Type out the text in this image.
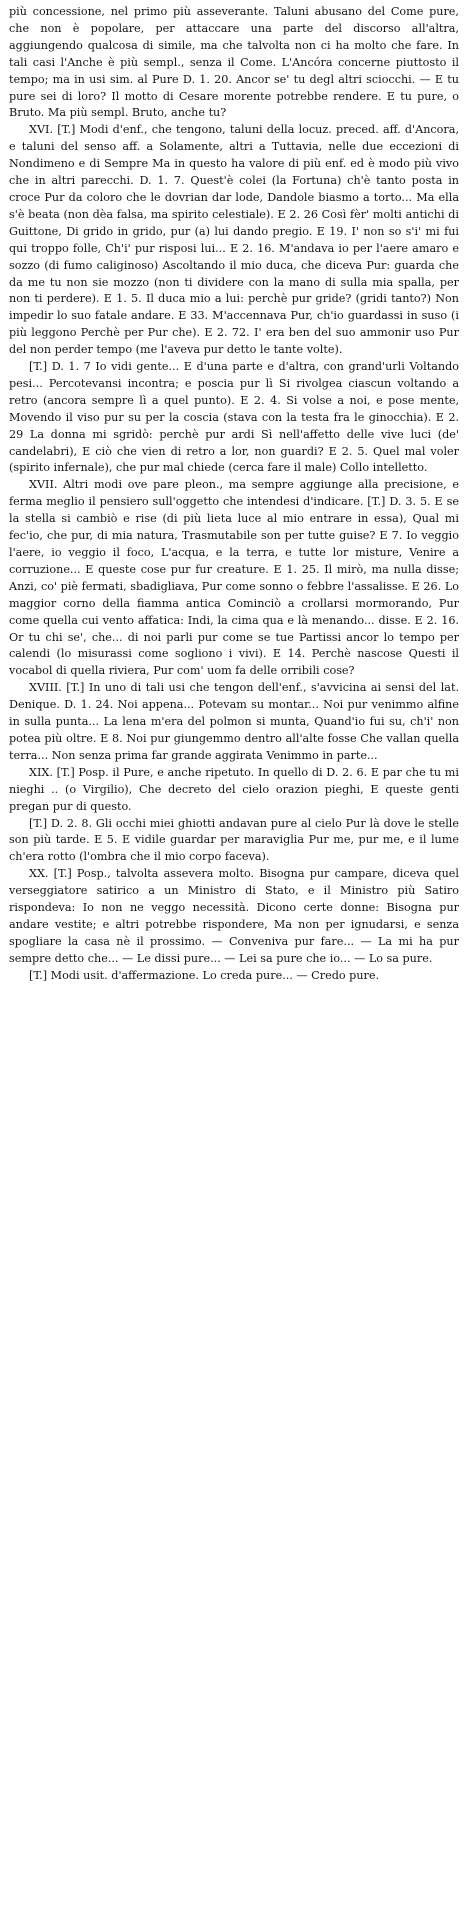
più concessione, nel primo più asseverante. Taluni abusano del Come pure, che non è popolare, per attaccare una parte del discorso all'altra, aggiungendo qualcosa di simile, ma che talvolta non ci ha molto che fare. In tali casi l'Anche è più sempl., senza il Come. L'Ancóra concerne piuttosto il tempo; ma in usi sim. al Pure D. 1. 20. Ancor se' tu degl altri sciocchi. — E tu pure sei di loro? Il motto di Cesare morente potrebbe rendere. E tu pure, o Bruto. Ma più sempl. Bruto, anche tu?

XVI. [T.] Modi d'enf., che tengono, taluni della locuz. preced. aff. d'Ancora, e taluni del senso aff. a Solamente, altri a Tuttavia, nelle due eccezioni di Nondimeno e di Sempre Ma in questo ha valore di più enf. ed è modo più vivo che in altri parecchi. D. 1. 7. Quest'è colei (la Fortuna) ch'è tanto posta in croce Pur da coloro che le dovrian dar lode, Dandole biasmo a torto... Ma ella s'è beata (non dèa falsa, ma spirito celestiale). E 2. 26 Così fèr' molti antichi di Guittone, Di grido in grido, pur (a) lui dando pregio. E 19. I' non so s'i' mi fui qui troppo folle, Ch'i' pur risposi lui... E 2. 16. M'andava io per l'aere amaro e sozzo (di fumo caliginoso) Ascoltando il mio duca, che diceva Pur: guarda che da me tu non sie mozzo (non ti dividere con la mano di sulla mia spalla, per non ti perdere). E 1. 5. Il duca mio a lui: perchè pur gride? (gridi tanto?) Non impedir lo suo fatale andare. E 33. M'accennava Pur, ch'io guardassi in suso (i più leggono Perchè per Pur che). E 2. 72. I' era ben del suo ammonir uso Pur del non perder tempo (me l'aveva pur detto le tante volte).

[T.] D. 1. 7 Io vidi gente... E d'una parte e d'altra, con grand'urli Voltando pesi... Percotevansi incontra; e poscia pur lì Si rivolgea ciascun voltando a retro (ancora sempre lì a quel punto). E 2. 4. Si volse a noi, e pose mente, Movendo il viso pur su per la coscia (stava con la testa fra le ginocchia). E 2. 29 La donna mi sgridò: perchè pur ardi Sì nell'affetto delle vive luci (de' candelabri), E ciò che vien di retro a lor, non guardi? E 2. 5. Quel mal voler (spirito infernale), che pur mal chiede (cerca fare il male) Collo intelletto.

XVII. Altri modi ove pare pleon., ma sempre aggiunge alla precisione, e ferma meglio il pensiero sull'oggetto che intendesi d'indicare. [T.] D. 3. 5. E se la stella si cambiò e rise (di più lieta luce al mio entrare in essa), Qual mi fec'io, che pur, di mia natura, Trasmutabile son per tutte guise? E 7. Io veggio l'aere, io veggio il foco, L'acqua, e la terra, e tutte lor misture, Venire a corruzione... E queste cose pur fur creature. E 1. 25. Il mirò, ma nulla disse; Anzi, co' piè fermati, sbadigliava, Pur come sonno o febbre l'assalisse. E 26. Lo maggior corno della fiamma antica Cominciò a crollarsi mormorando, Pur come quella cui vento affatica: Indi, la cima qua e là menando... disse. E 2. 16. Or tu chi se', che... di noi parli pur come se tue Partissi ancor lo tempo per calendi (lo misurassi come sogliono i vivi). E 14. Perchè nascose Questi il vocabol di quella riviera, Pur com' uom fa delle orribili cose?

XVIII. [T.] In uno di tali usi che tengon dell'enf., s'avvicina ai sensi del lat. Denique. D. 1. 24. Noi appena... Potevam su montar... Noi pur venimmo alfine in sulla punta... La lena m'era del polmon si munta, Quand'io fui su, ch'i' non potea più oltre. E 8. Noi pur giungemmo dentro all'alte fosse Che vallan quella terra... Non senza prima far grande aggirata Venimmo in parte...

XIX. [T.] Posp. il Pure, e anche ripetuto. In quello di D. 2. 6. E par che tu mi nieghi .. (o Virgilio), Che decreto del cielo orazion pieghi, E queste genti pregan pur di questo.

[T.] D. 2. 8. Gli occhi miei ghiotti andavan pure al cielo Pur là dove le stelle son più tarde. E 5. E vidile guardar per maraviglia Pur me, pur me, e il lume ch'era rotto (l'ombra che il mio corpo faceva).

XX. [T.] Posp., talvolta assevera molto. Bisogna pur campare, diceva quel verseggiatore satirico a un Ministro di Stato, e il Ministro più Satiro rispondeva: Io non ne veggo necessità. Dicono certe donne: Bisogna pur andare vestite; e altri potrebbe rispondere, Ma non per ignudarsi, e senza spogliare la casa nè il prossimo. — Conveniva pur fare... — La mi ha pur sempre detto che... — Le dissi pure... — Lei sa pure che io... — Lo sa pure.

[T.] Modi usit. d'affermazione. Lo creda pure... — Credo pure.
